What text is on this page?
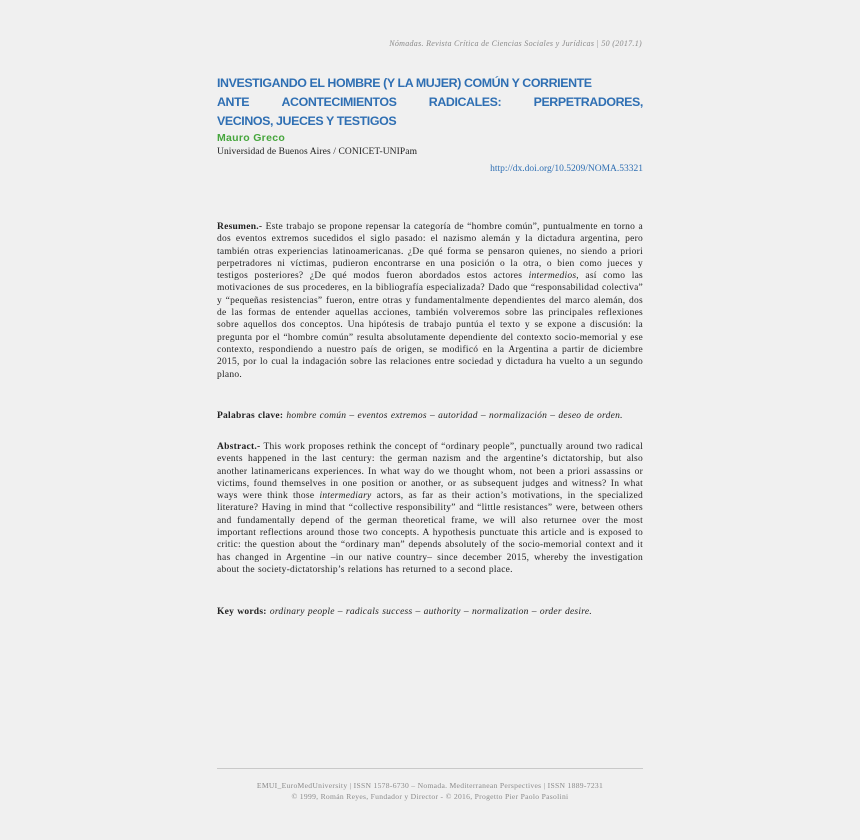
Nómadas. Revista Crítica de Ciencias Sociales y Jurídicas | 50 (2017.1)
INVESTIGANDO EL HOMBRE (Y LA MUJER) COMÚN Y CORRIENTE
ANTE	ACONTECIMIENTOS	RADICALES:	PERPETRADORES,
VECINOS, JUECES Y TESTIGOS
Mauro Greco
Universidad de Buenos Aires / CONICET-UNIPam
http://dx.doi.org/10.5209/NOMA.53321
Resumen.- Este trabajo se propone repensar la categoría de “hombre común”, puntualmente en torno a dos eventos extremos sucedidos el siglo pasado: el nazismo alemán y la dictadura argentina, pero también otras experiencias latinoamericanas. ¿De qué forma se pensaron quienes, no siendo a priori perpetradores ni víctimas, pudieron encontrarse en una posición o la otra, o bien como jueces y testigos posteriores? ¿De qué modos fueron abordados estos actores intermedios, así como las motivaciones de sus procederes, en la bibliografía especializada? Dado que “responsabilidad colectiva” y “pequeñas resistencias” fueron, entre otras y fundamentalmente dependientes del marco alemán, dos de las formas de entender aquellas acciones, también volveremos sobre las principales reflexiones sobre aquellos dos conceptos. Una hipótesis de trabajo puntúa el texto y se expone a discusión: la pregunta por el “hombre común” resulta absolutamente dependiente del contexto socio-memorial y ese contexto, respondiendo a nuestro país de origen, se modificó en la Argentina a partir de diciembre 2015, por lo cual la indagación sobre las relaciones entre sociedad y dictadura ha vuelto a un segundo plano.
Palabras clave: hombre común – eventos extremos – autoridad – normalización – deseo de orden.
Abstract.- This work proposes rethink the concept of “ordinary people”, punctually around two radical events happened in the last century: the german nazism and the argentine’s dictatorship, but also another latinamericans experiences. In what way do we thought whom, not been a priori assassins or victims, found themselves in one position or another, or as subsequent judges and witness? In what ways were think those intermediary actors, as far as their action’s motivations, in the specialized literature? Having in mind that “collective responsibility” and “little resistances” were, between others and fundamentally depend of the german theoretical frame, we will also returnee over the most important reflections around those two concepts. A hypothesis punctuate this article and is exposed to critic: the question about the “ordinary man” depends absolutely of the socio-memorial context and it has changed in Argentine –in our native country– since december 2015, whereby the investigation about the society-dictatorship’s relations has returned to a second place.
Key words: ordinary people – radicals success – authority – normalization – order desire.
EMUI_EuroMedUniversity | ISSN 1578-6730 – Nomada. Mediterranean Perspectives | ISSN 1889-7231
© 1999, Román Reyes, Fundador y Director - © 2016, Progetto Pier Paolo Pasolini
